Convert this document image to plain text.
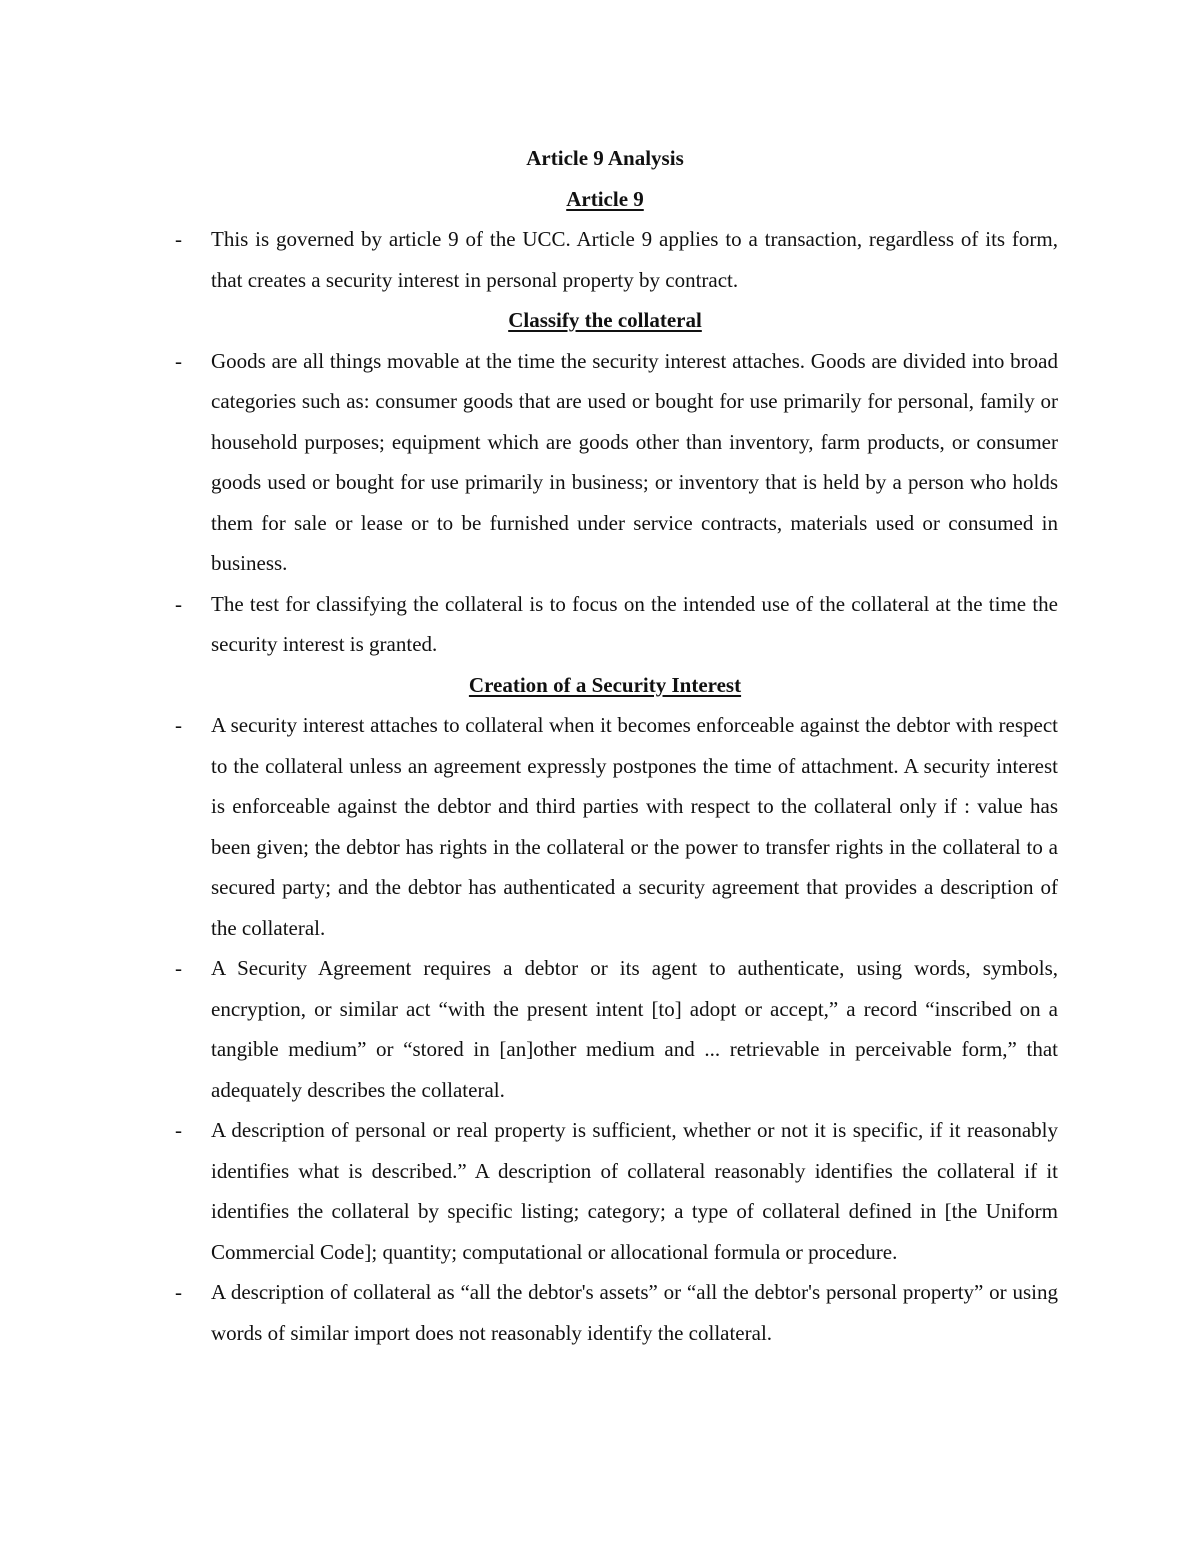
Article 9 Analysis

Article 9

- This is governed by article 9 of the UCC. Article 9 applies to a transaction, regardless of its form, that creates a security interest in personal property by contract.

Classify the collateral

- Goods are all things movable at the time the security interest attaches. Goods are divided into broad categories such as: consumer goods that are used or bought for use primarily for personal, family or household purposes; equipment which are goods other than inventory, farm products, or consumer goods used or bought for use primarily in business; or inventory that is held by a person who holds them for sale or lease or to be furnished under service contracts, materials used or consumed in business.

- The test for classifying the collateral is to focus on the intended use of the collateral at the time the security interest is granted.

Creation of a Security Interest

- A security interest attaches to collateral when it becomes enforceable against the debtor with respect to the collateral unless an agreement expressly postpones the time of attachment. A security interest is enforceable against the debtor and third parties with respect to the collateral only if : value has been given; the debtor has rights in the collateral or the power to transfer rights in the collateral to a secured party; and the debtor has authenticated a security agreement that provides a description of the collateral.

- A Security Agreement requires a debtor or its agent to authenticate, using words, symbols, encryption, or similar act “with the present intent [to] adopt or accept,” a record “inscribed on a tangible medium” or “stored in [an]other medium and ... retrievable in perceivable form,” that adequately describes the collateral.

- A description of personal or real property is sufficient, whether or not it is specific, if it reasonably identifies what is described.” A description of collateral reasonably identifies the collateral if it identifies the collateral by specific listing; category; a type of collateral defined in [the Uniform Commercial Code]; quantity; computational or allocational formula or procedure.

- A description of collateral as “all the debtor's assets” or “all the debtor's personal property” or using words of similar import does not reasonably identify the collateral.
